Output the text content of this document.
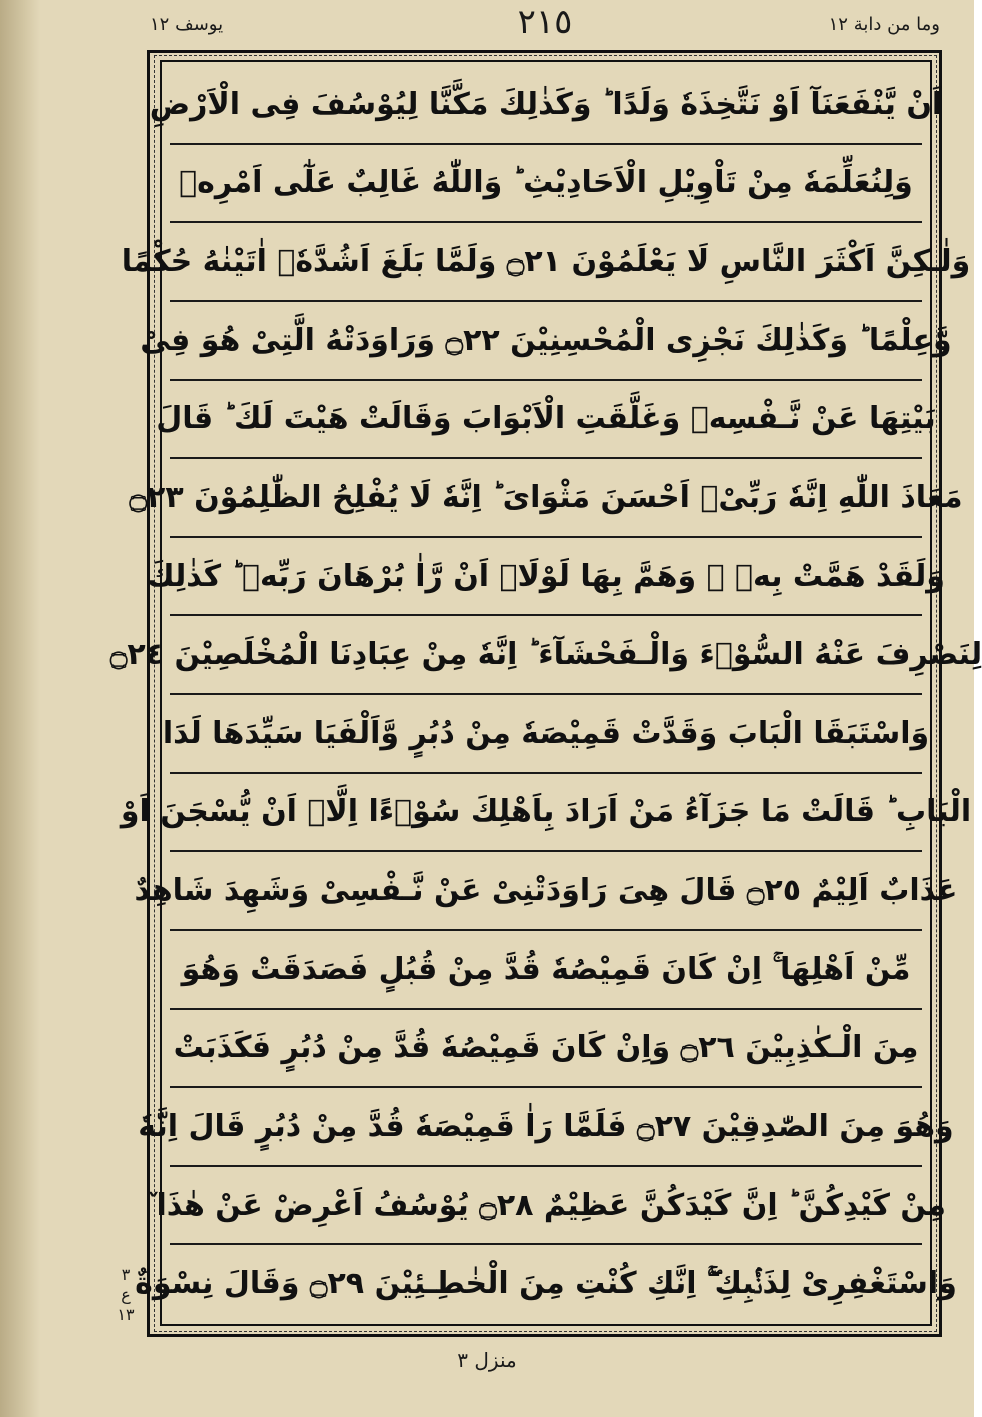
يوسف ١٢	٢١٥	وما من دابة ١٢
اَنْ يَّنْفَعَنَآ اَوْ نَتَّخِذَهٗ وَلَدًا ؕ وَكَذٰلِكَ مَكَّنَّا لِيُوْسُفَ فِى الْاَرْضِ
وَلِنُعَلِّمَهٗ مِنْ تَاْوِيْلِ الْاَحَادِيْثِ ؕ وَاللّٰهُ غَالِبٌ عَلٰٓى اَمْرِهٖ
وَلٰـكِنَّ اَكْثَرَ النَّاسِ لَا يَعْلَمُوْنَ ۝٢١ وَلَمَّا بَلَغَ اَشُدَّهٗۤ اٰتَيْنٰهُ حُكْمًا
وَّعِلْمًا ؕ وَكَذٰلِكَ نَجْزِى الْمُحْسِنِيْنَ ۝٢٢ وَرَاوَدَتْهُ الَّتِىْ هُوَ فِىْ
بَيْتِهَا عَنْ نَّـفْسِهٖ وَغَلَّقَتِ الْاَبْوَابَ وَقَالَتْ هَيْتَ لَكَ ؕ قَالَ
مَعَاذَ اللّٰهِ اِنَّهٗ رَبِّىْۤ اَحْسَنَ مَثْوَاىَ ؕ اِنَّهٗ لَا يُفْلِحُ الظّٰلِمُوْنَ ۝٢٣
وَلَقَدْ هَمَّتْ بِهٖ ۚ وَهَمَّ بِهَا لَوْلَاۤ اَنْ رَّاٰ بُرْهَانَ رَبِّهٖ ؕ كَذٰلِكَ
لِنَصْرِفَ عَنْهُ السُّوْۤءَ وَالْـفَحْشَآءَ ؕ اِنَّهٗ مِنْ عِبَادِنَا الْمُخْلَصِيْنَ ۝٢٤
وَاسْتَبَقَا الْبَابَ وَقَدَّتْ قَمِيْصَهٗ مِنْ دُبُرٍ وَّاَلْفَيَا سَيِّدَهَا لَدَا
الْبَابِ ؕ قَالَتْ مَا جَزَآءُ مَنْ اَرَادَ بِاَهْلِكَ سُوْۤءًا اِلَّاۤ اَنْ يُّسْجَنَ اَوْ
عَذَابٌ اَلِيْمٌ ۝٢٥ قَالَ هِىَ رَاوَدَتْنِىْ عَنْ نَّـفْسِىْ وَشَهِدَ شَاهِدٌ
مِّنْ اَهْلِهَا ۚ اِنْ كَانَ قَمِيْصُهٗ قُدَّ مِنْ قُبُلٍ فَصَدَقَتْ وَهُوَ
مِنَ الْـكٰذِبِيْنَ ۝٢٦ وَاِنْ كَانَ قَمِيْصُهٗ قُدَّ مِنْ دُبُرٍ فَكَذَبَتْ
وَهُوَ مِنَ الصّٰدِقِيْنَ ۝٢٧ فَلَمَّا رَاٰ قَمِيْصَهٗ قُدَّ مِنْ دُبُرٍ قَالَ اِنَّهٗ
مِنْ كَيْدِكُنَّ ؕ اِنَّ كَيْدَكُنَّ عَظِيْمٌ ۝٢٨ يُوْسُفُ اَعْرِضْ عَنْ هٰذَا ٚ
وَاسْتَغْفِرِىْ لِذَنْۢبِكِ ۖۚ اِنَّكِ كُنْتِ مِنَ الْخٰطِـئِيْنَ ۝٢٩ وَقَالَ نِسْوَةٌ
٣
ع
١٣
منزل ٣
